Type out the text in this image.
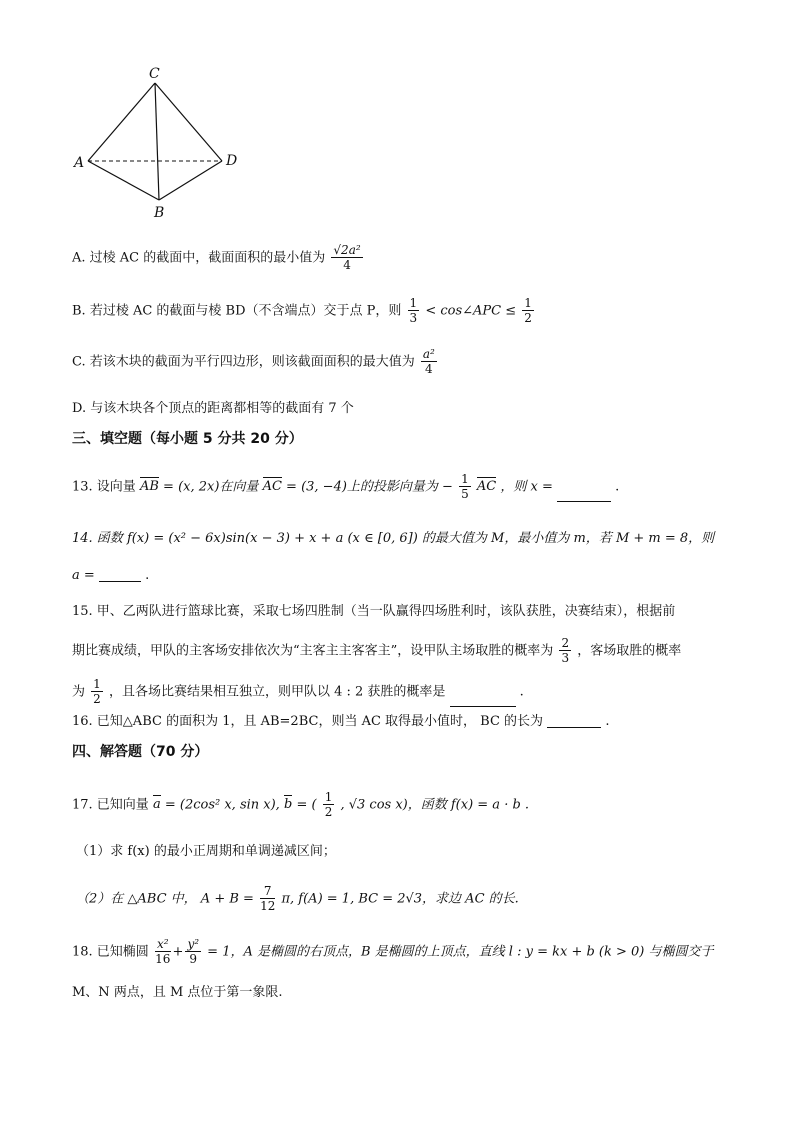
C
A	D
B
A. 过棱 AC 的截面中，截面面积的最小值为 $\frac{\text{√2a²}}{4}$
B. 若过棱 AC 的截面与棱 BD（不含端点）交于点 P，则 $\frac{1}{3}$ < cos∠APC ≤ $\frac{1}{2}$
C. 若该木块的截面为平行四边形，则该截面面积的最大值为 $\frac{\text{a²}}{4}$
D. 与该木块各个顶点的距离都相等的截面有 7 个
三、填空题（每小题 5 分共 20 分）
13. 设向量 AB = (x, 2x)在向量 AC = (3, −4)上的投影向量为 − $\frac{1}{5}$ AC ，则 x =	.
14. 函数 f(x) = (x² − 6x)sin(x − 3) + x + a (x ∈ [0, 6]) 的最大值为 M，最小值为 m，若 M + m = 8，则
a =	.
15. 甲、乙两队进行篮球比赛，采取七场四胜制（当一队赢得四场胜利时，该队获胜，决赛结束），根据前
期比赛成绩，甲队的主客场安排依次为“主客主主客客主”，设甲队主场取胜的概率为 $\frac{2}{3}$ ，客场取胜的概率
为 $\frac{1}{2}$ ，且各场比赛结果相互独立，则甲队以 4 : 2 获胜的概率是	.
16. 已知△ABC 的面积为 1，且 AB=2BC，则当 AC 取得最小值时， BC 的长为	.
四、解答题（70 分）
17. 已知向量 a = (2cos² x, sin x), b = ( $\frac{1}{2}$ , √3 cos x)，函数 f(x) = a · b .
（1）求 f(x) 的最小正周期和单调递减区间；
（2）在 △ABC 中， $A + B = \frac{7}{12} \pi$, f(A) = 1, BC = 2√3，求边 AC 的长.
18. 已知椭圆 $\frac{\text{x²}}{16} + \frac{\text{y²}}{9} = 1$，A 是椭圆的右顶点，B 是椭圆的上顶点，直线 l : y = kx + b (k > 0) 与椭圆交于
M、N 两点，且 M 点位于第一象限.
